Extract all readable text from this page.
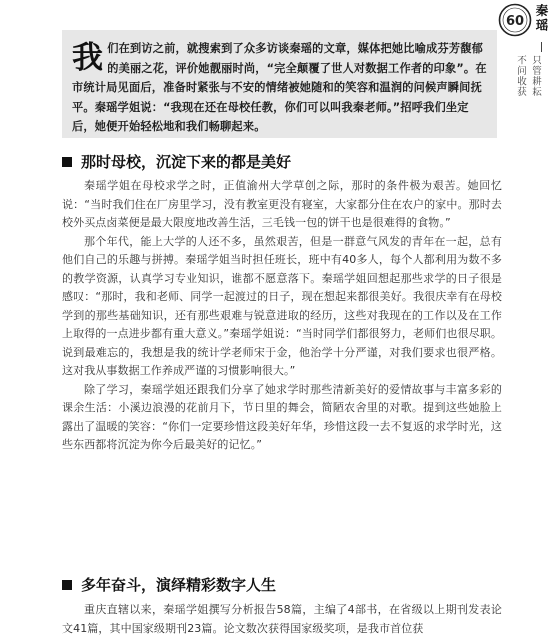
60 秦瑶
只管耕耘
不问收获
我 们在到访之前，就搜索到了众多访谈秦瑶的文章，媒体把她比喻成芬芳馥郁的美丽之花，评价她靓丽时尚，“完全颠覆了世人对数据工作者的印象”。在市统计局见面后，准备时紧张与不安的情绪被她随和的笑容和温润的问候声瞬间抚平。秦瑶学姐说：“我现在还在母校任教，你们可以叫我秦老师。”招呼我们坐定后，她便开始轻松地和我们畅聊起来。
那时母校，沉淀下来的都是美好

秦瑶学姐在母校求学之时，正值渝州大学草创之际，那时的条件极为艰苦。她回忆说：“当时我们住在厂房里学习，没有教室更没有寝室，大家都分住在农户的家中。那时去校外买点卤菜便是最大限度地改善生活，三毛钱一包的饼干也是很难得的食物。”

那个年代，能上大学的人还不多，虽然艰苦，但是一群意气风发的青年在一起，总有他们自己的乐趣与拼搏。秦瑶学姐当时担任班长，班中有40多人，每个人都利用为数不多的教学资源，认真学习专业知识，谁都不愿意落下。秦瑶学姐回想起那些求学的日子很是感叹：“那时，我和老师、同学一起渡过的日子，现在想起来都很美好。我很庆幸有在母校学到的那些基础知识，还有那些艰难与锐意进取的经历，这些对我现在的工作以及在工作上取得的一点进步都有重大意义。”秦瑶学姐说：“当时同学们都很努力，老师们也很尽职。说到最难忘的，我想是我的统计学老师宋于金，他治学十分严谨，对我们要求也很严格。这对我从事数据工作养成严谨的习惯影响很大。”

除了学习，秦瑶学姐还跟我们分享了她求学时那些清新美好的爱情故事与丰富多彩的课余生活：小溪边浪漫的花前月下，节日里的舞会，简陋农舍里的对歌。提到这些她脸上露出了温暖的笑容：“你们一定要珍惜这段美好年华，珍惜这段一去不复返的求学时光，这些东西都将沉淀为你今后最美好的记忆。”

多年奋斗，演绎精彩数字人生

重庆直辖以来，秦瑶学姐撰写分析报告58篇，主编了4部书，在省级以上期刊发表论文41篇，其中国家级期刊23篇。论文数次获得国家级奖项，是我市首位获
